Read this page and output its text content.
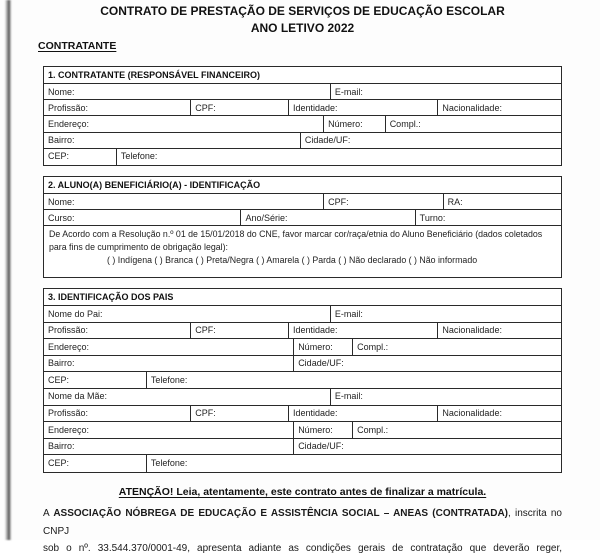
CONTRATO DE PRESTAÇÃO DE SERVIÇOS DE EDUCAÇÃO ESCOLAR
ANO LETIVO 2022
CONTRATANTE
1. CONTRATANTE (RESPONSÁVEL FINANCEIRO)
Nome:	E-mail:
Profissão:	CPF:	Identidade:	Nacionalidade:
Endereço:	Número:	Compl.:
Bairro:	Cidade/UF:
CEP:	Telefone:
2. ALUNO(A) BENEFICIÁRIO(A) - IDENTIFICAÇÃO
Nome:	CPF:	RA:
Curso:	Ano/Série:	Turno:
De Acordo com a Resolução n.º 01 de 15/01/2018 do CNE, favor marcar cor/raça/etnia do Aluno Beneficiário (dados coletados para fins de cumprimento de obrigação legal):
( ) Indígena ( ) Branca ( ) Preta/Negra ( ) Amarela ( ) Parda ( ) Não declarado ( ) Não informado
3. IDENTIFICAÇÃO DOS PAIS
Nome do Pai:	E-mail:
Profissão:	CPF:	Identidade:	Nacionalidade:
Endereço:	Número:	Compl.:
Bairro:	Cidade/UF:
CEP:	Telefone:
Nome da Mãe:	E-mail:
Profissão:	CPF:	Identidade:	Nacionalidade:
Endereço:	Número:	Compl.:
Bairro:	Cidade/UF:
CEP:	Telefone:
ATENÇÃO! Leia, atentamente, este contrato antes de finalizar a matrícula.
A ASSOCIAÇÃO NÓBREGA DE EDUCAÇÃO E ASSISTÊNCIA SOCIAL – ANEAS (CONTRATADA), inscrita no CNPJ
sob o nº. 33.544.370/0001-49, apresenta adiante as condições gerais de contratação que deverão reger,
